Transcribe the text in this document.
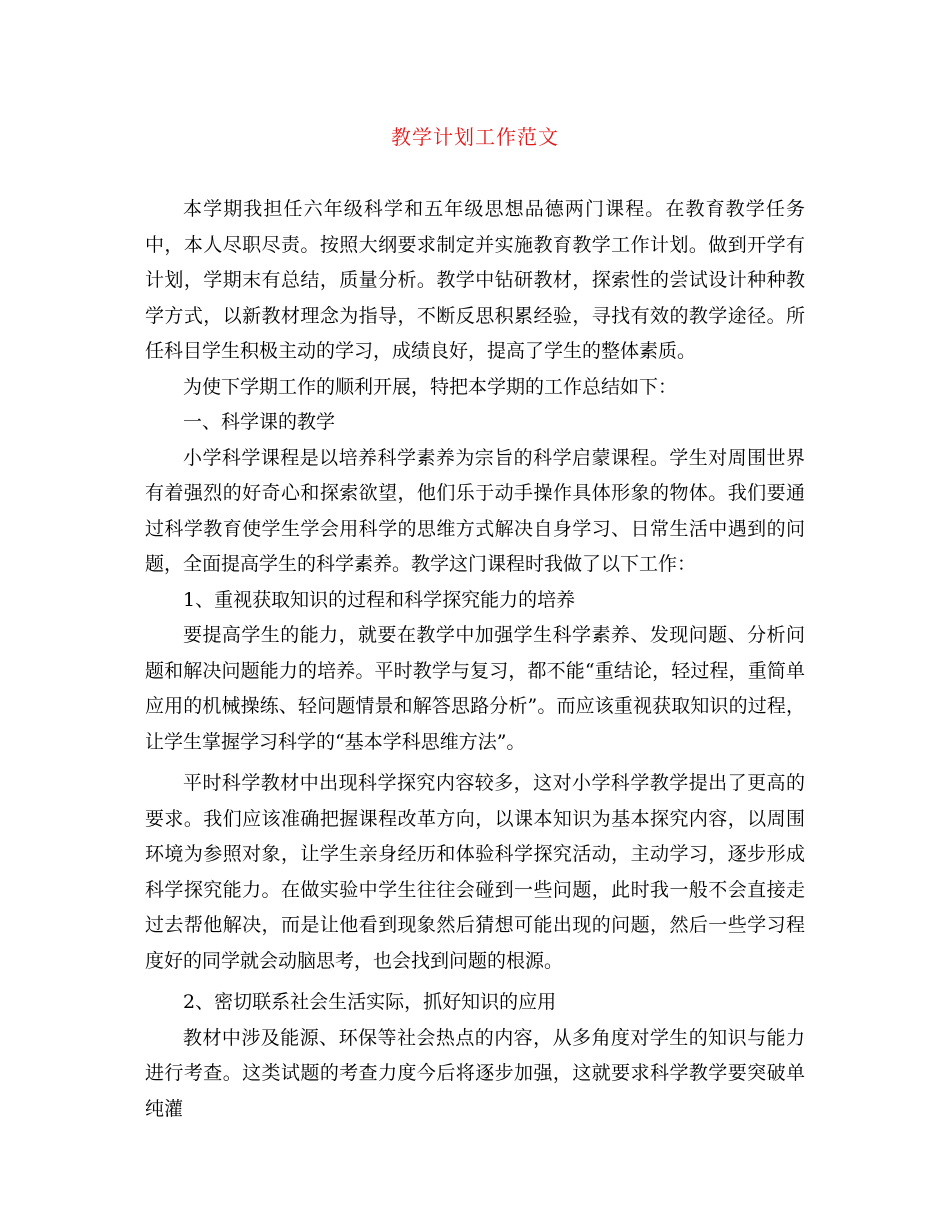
教学计划工作范文

本学期我担任六年级科学和五年级思想品德两门课程。在教育教学任务中，本人尽职尽责。按照大纲要求制定并实施教育教学工作计划。做到开学有计划，学期末有总结，质量分析。教学中钻研教材，探索性的尝试设计种种教学方式，以新教材理念为指导，不断反思积累经验，寻找有效的教学途径。所任科目学生积极主动的学习，成绩良好，提高了学生的整体素质。

为使下学期工作的顺利开展，特把本学期的工作总结如下：

一、科学课的教学

小学科学课程是以培养科学素养为宗旨的科学启蒙课程。学生对周围世界有着强烈的好奇心和探索欲望，他们乐于动手操作具体形象的物体。我们要通过科学教育使学生学会用科学的思维方式解决自身学习、日常生活中遇到的问题，全面提高学生的科学素养。教学这门课程时我做了以下工作：

1、重视获取知识的过程和科学探究能力的培养

要提高学生的能力，就要在教学中加强学生科学素养、发现问题、分析问题和解决问题能力的培养。平时教学与复习，都不能“重结论，轻过程，重简单应用的机械操练、轻问题情景和解答思路分析”。而应该重视获取知识的过程，让学生掌握学习科学的“基本学科思维方法”。

平时科学教材中出现科学探究内容较多，这对小学科学教学提出了更高的要求。我们应该准确把握课程改革方向，以课本知识为基本探究内容，以周围环境为参照对象，让学生亲身经历和体验科学探究活动，主动学习，逐步形成科学探究能力。在做实验中学生往往会碰到一些问题，此时我一般不会直接走过去帮他解决，而是让他看到现象然后猜想可能出现的问题，然后一些学习程度好的同学就会动脑思考，也会找到问题的根源。

2、密切联系社会生活实际，抓好知识的应用

教材中涉及能源、环保等社会热点的内容，从多角度对学生的知识与能力进行考查。这类试题的考查力度今后将逐步加强，这就要求科学教学要突破单纯灌
